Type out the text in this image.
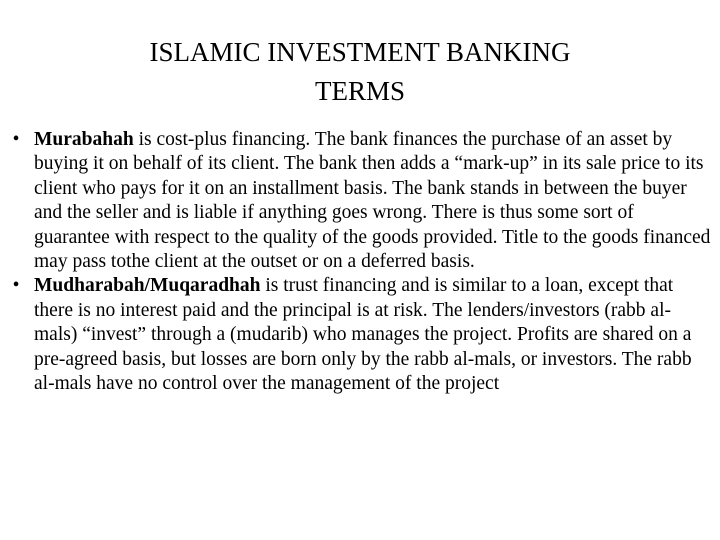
ISLAMIC INVESTMENT BANKING
TERMS
• Murabahah is cost-plus financing. The bank finances the purchase of an asset by buying it on behalf of its client. The bank then adds a “mark-up” in its sale price to its client who pays for it on an installment basis. The bank stands in between the buyer and the seller and is liable if anything goes wrong. There is thus some sort of guarantee with respect to the quality of the goods provided. Title to the goods financed may pass tothe client at the outset or on a deferred basis.
• Mudharabah/Muqaradhah is trust financing and is similar to a loan, except that there is no interest paid and the principal is at risk. The lenders/investors (rabb al-mals) “invest” through a (mudarib) who manages the project. Profits are shared on a pre-agreed basis, but losses are born only by the rabb al-mals, or investors. The rabb al-mals have no control over the management of the project
